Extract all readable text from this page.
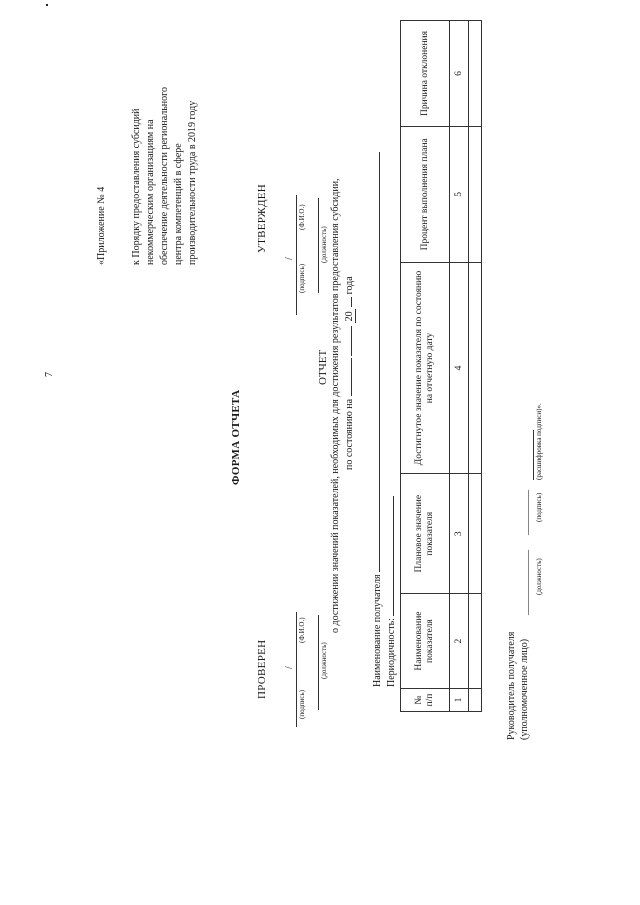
7
«Приложение № 4 к Порядку предоставления субсидий некоммерческим организациям на обеспечение деятельности регионального центра компетенций в сфере производительности труда в 2019 году
ФОРМА ОТЧЕТА
ПРОВЕРЕН
(подпись)
/
(Ф.И.О.)
(должность)
УТВЕРЖДЕН
(подпись)
/
(Ф.И.О.)
(должность)
ОТЧЕТ о достижении значений показателей, необходимых для достижения результатов предоставления субсидии, по состоянию на   20  года
Наименование получателя Периодичность:
№ п/п	Наименование показателя	Плановое значение показателя	Достигнутое значение показателя по состоянию на отчетную дату	Процент выполнения плана	Причина отклонения
1	2	3	4	5	6

Руководитель получателя (уполномоченное лицо)
_____________
_________
(должность)
(подпись)
(расшифровка подписи)».
